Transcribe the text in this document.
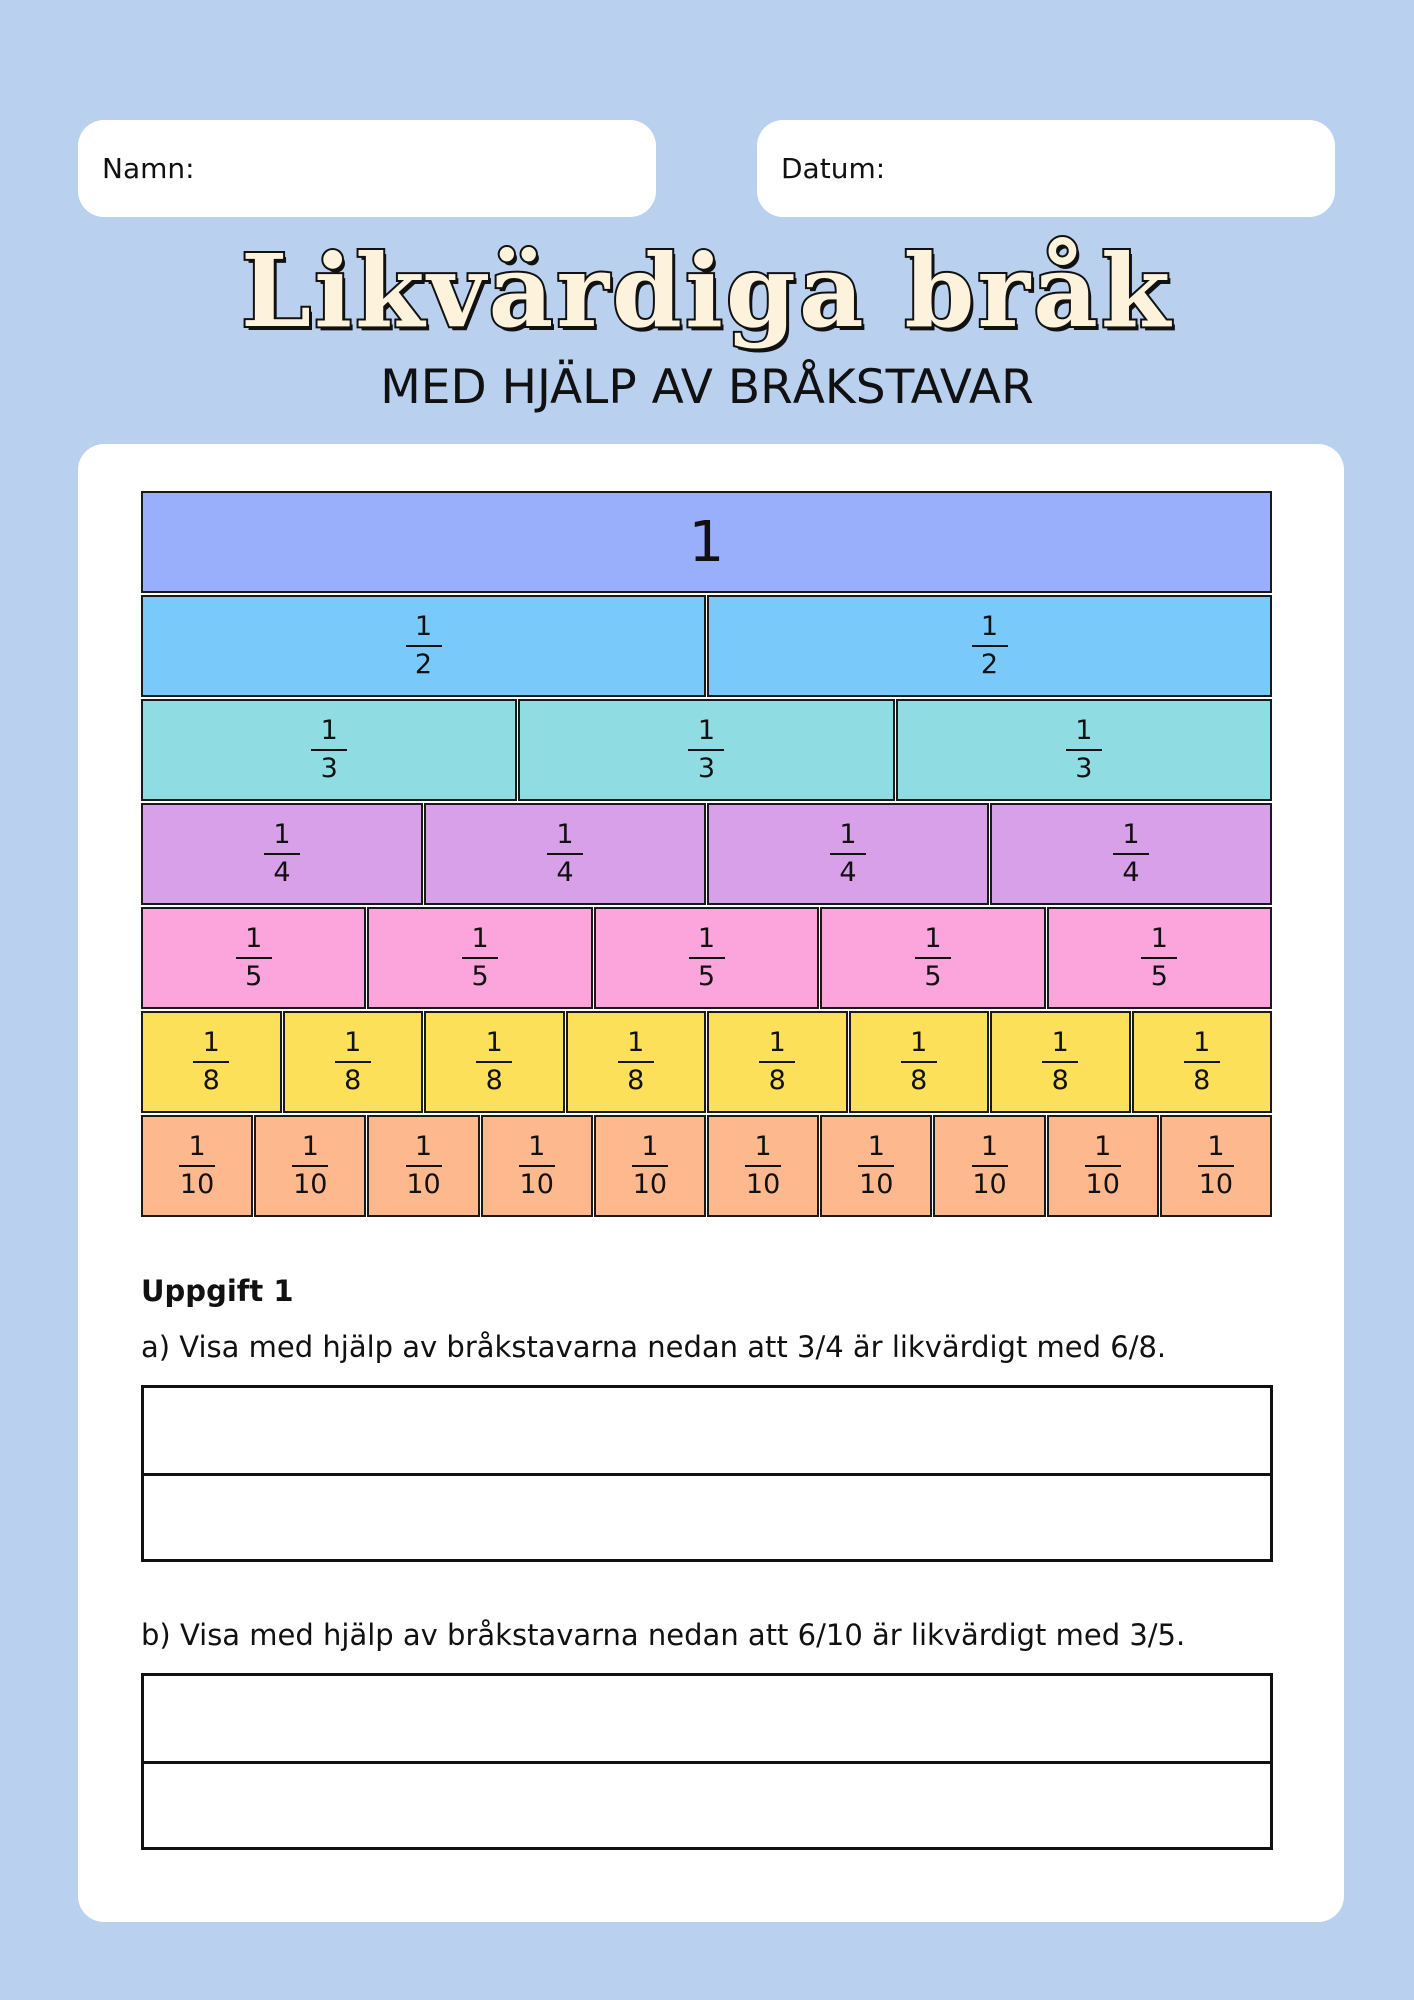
Namn:	Datum:
Likvärdiga bråk
MED HJÄLP AV BRÅKSTAVAR
1
$\frac{1}{2}$	$\frac{1}{2}$
$\frac{1}{3}$	$\frac{1}{3}$	$\frac{1}{3}$
$\frac{1}{4}$	$\frac{1}{4}$	$\frac{1}{4}$	$\frac{1}{4}$
$\frac{1}{5}$	$\frac{1}{5}$	$\frac{1}{5}$	$\frac{1}{5}$	$\frac{1}{5}$
$\frac{1}{8}$	$\frac{1}{8}$	$\frac{1}{8}$	$\frac{1}{8}$	$\frac{1}{8}$	$\frac{1}{8}$	$\frac{1}{8}$	$\frac{1}{8}$
$\frac{1}{10}$	$\frac{1}{10}$	$\frac{1}{10}$	$\frac{1}{10}$	$\frac{1}{10}$	$\frac{1}{10}$	$\frac{1}{10}$	$\frac{1}{10}$	$\frac{1}{10}$	$\frac{1}{10}$
Uppgift 1
a) Visa med hjälp av bråkstavarna nedan att 3/4 är likvärdigt med 6/8.
b) Visa med hjälp av bråkstavarna nedan att 6/10 är likvärdigt med 3/5.
